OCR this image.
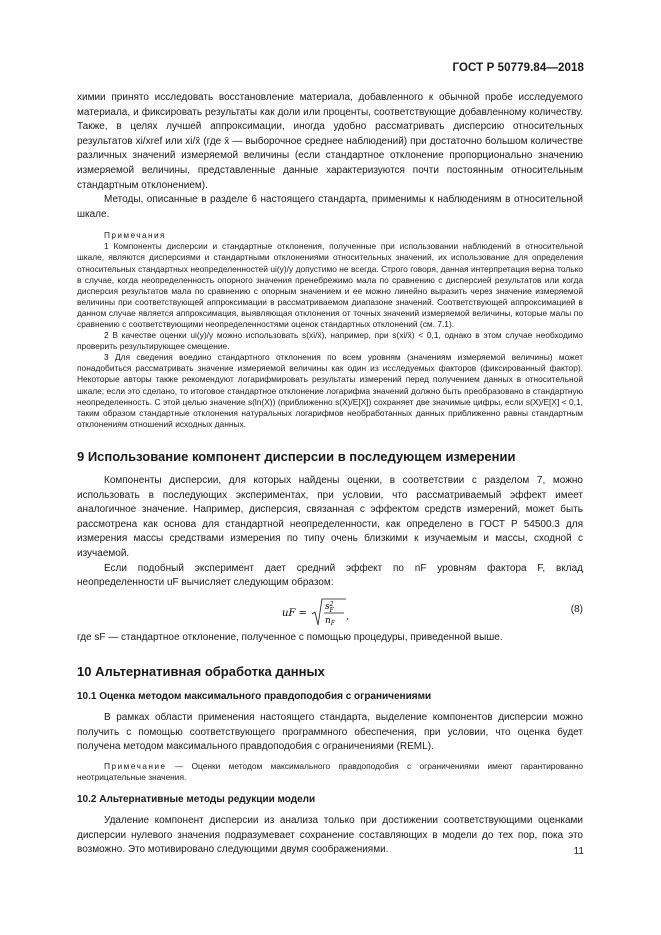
ГОСТ Р 50779.84—2018

химии принято исследовать восстановление материала, добавленного к обычной пробе исследуемого материала, и фиксировать результаты как доли или проценты, соответствующие добавленному количеству. Также, в целях лучшей аппроксимации, иногда удобно рассматривать дисперсию относительных результатов xi/xref или xi/x̄ (где x̄ — выборочное среднее наблюдений) при достаточно большом количестве различных значений измеряемой величины (если стандартное отклонение пропорционально значению измеряемой величины, представленные данные характеризуются почти постоянным относительным стандартным отклонением).

Методы, описанные в разделе 6 настоящего стандарта, применимы к наблюдениям в относительной шкале.

Примечания

1 Компоненты дисперсии и стандартные отклонения, полученные при использовании наблюдений в относительной шкале, являются дисперсиями и стандартными отклонениями относительных значений, их использование для определения относительных стандартных неопределенностей ui(y)/y допустимо не всегда. Строго говоря, данная интерпретация верна только в случае, когда неопределенность опорного значения пренебрежимо мала по сравнению с дисперсией результатов или когда дисперсия результатов мала по сравнению с опорным значением и ее можно линейно выразить через значение измеряемой величины при соответствующей аппроксимации в рассматриваемом диапазоне значений. Соответствующей аппроксимацией в данном случае является аппроксимация, выявляющая отклонения от точных значений измеряемой величины, которые малы по сравнению с соответствующими неопределенностями оценок стандартных отклонений (см. 7.1).

2 В качестве оценки ui(y)/y можно использовать s(xi/x̄), например, при s(xi/x̄) < 0,1, однако в этом случае необходимо проверить результирующее смещение.

3 Для сведения воедино стандартного отклонения по всем уровням (значениям измеряемой величины) может понадобиться рассматривать значение измеряемой величины как один из исследуемых факторов (фиксированный фактор). Некоторые авторы также рекомендуют логарифмировать результаты измерений перед получением данных в относительной шкале; если это сделано, то итоговое стандартное отклонение логарифма значений должно быть преобразовано в стандартную неопределенность. С этой целью значение s(ln(X)) (приближенно s(X)/E[X]) сохраняет две значимые цифры, если s(X)/E[X] < 0,1, таким образом стандартные отклонения натуральных логарифмов необработанных данных приближенно равны стандартным отклонениям отношений исходных данных.

9 Использование компонент дисперсии в последующем измерении

Компоненты дисперсии, для которых найдены оценки, в соответствии с разделом 7, можно использовать в последующих экспериментах, при условии, что рассматриваемый эффект имеет аналогичное значение. Например, дисперсия, связанная с эффектом средств измерений, может быть рассмотрена как основа для стандартной неопределенности, как определено в ГОСТ Р 54500.3 для измерения массы средствами измерения по типу очень близкими к изучаемым и массы, сходной с изучаемой.

Если подобный эксперимент дает средний эффект по nF уровням фактора F, вклад неопределенности uF вычисляет следующим образом:

uF =
$s^2$ F
$n_F$
,
(8)

где sF — стандартное отклонение, полученное с помощью процедуры, приведенной выше.

10 Альтернативная обработка данных
10.1 Оценка методом максимального правдоподобия с ограничениями

В рамках области применения настоящего стандарта, выделение компонентов дисперсии можно получить с помощью соответствующего программного обеспечения, при условии, что оценка будет получена методом максимального правдоподобия с ограничениями (REML).

Примечание — Оценки методом максимального правдоподобия с ограничениями имеют гарантированно неотрицательные значения.

10.2 Альтернативные методы редукции модели

Удаление компонент дисперсии из анализа только при достижении соответствующими оценками дисперсии нулевого значения подразумевает сохранение составляющих в модели до тех пор, пока это возможно. Это мотивировано следующими двумя соображениями.	11
